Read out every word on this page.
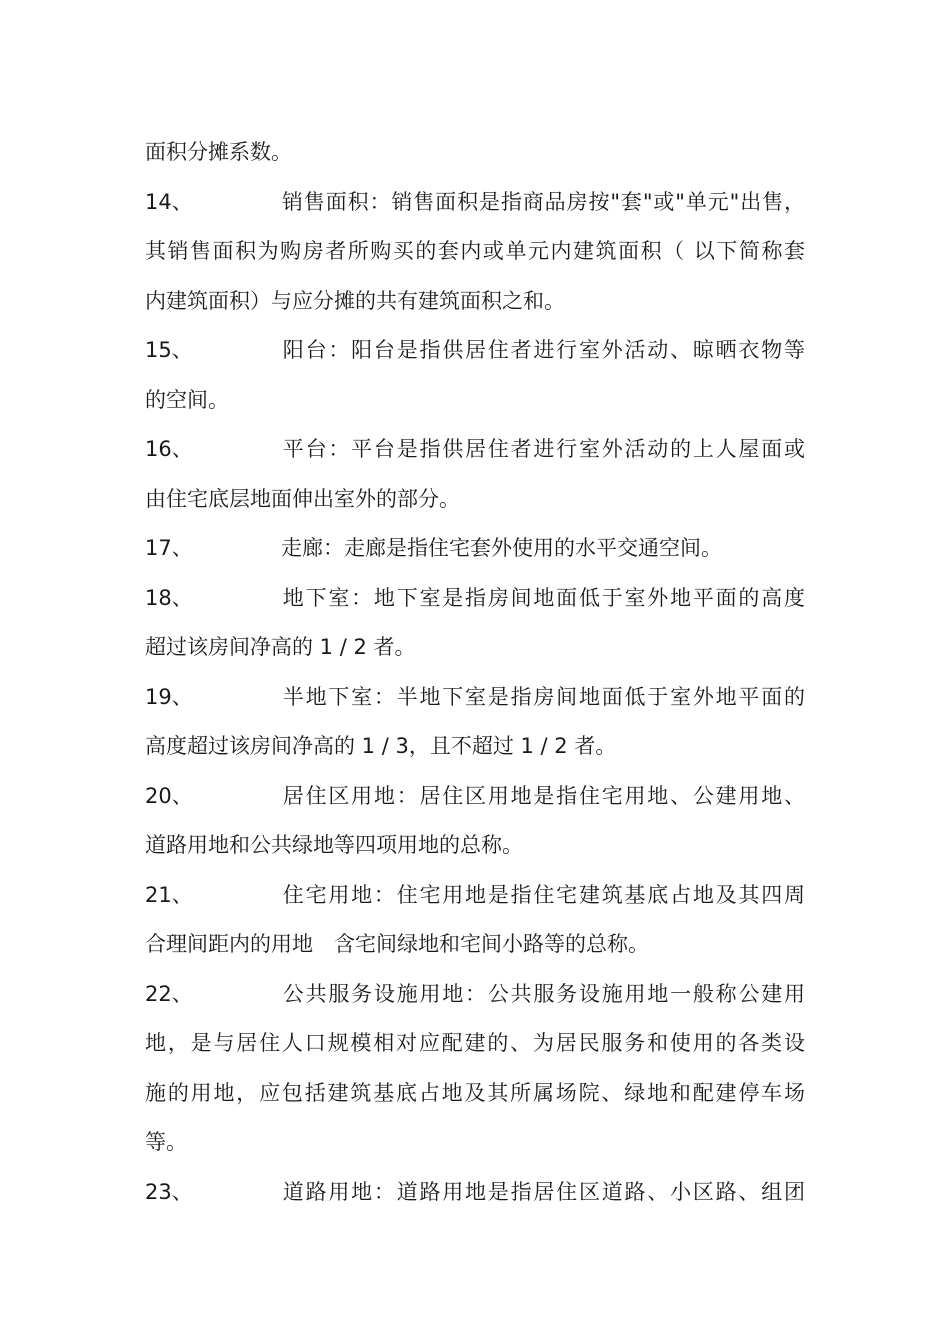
面积分摊系数。

14、	销售面积：销售面积是指商品房按"套"或"单元"出售，

其销售面积为购房者所购买的套内或单元内建筑面积（ 以下简称套

内建筑面积）与应分摊的共有建筑面积之和。

15、	阳台：阳台是指供居住者进行室外活动、晾晒衣物等

的空间。

16、	平台：平台是指供居住者进行室外活动的上人屋面或

由住宅底层地面伸出室外的部分。

17、	走廊：走廊是指住宅套外使用的水平交通空间。

18、	地下室：地下室是指房间地面低于室外地平面的高度

超过该房间净高的 1 / 2 者。

19、	半地下室：半地下室是指房间地面低于室外地平面的

高度超过该房间净高的 1 / 3，且不超过 1 / 2 者。

20、	居住区用地：居住区用地是指住宅用地、公建用地、

道路用地和公共绿地等四项用地的总称。

21、	住宅用地：住宅用地是指住宅建筑基底占地及其四周

合理间距内的用地　含宅间绿地和宅间小路等的总称。

22、	公共服务设施用地：公共服务设施用地一般称公建用

地，是与居住人口规模相对应配建的、为居民服务和使用的各类设

施的用地，应包括建筑基底占地及其所属场院、绿地和配建停车场

等。

23、	道路用地：道路用地是指居住区道路、小区路、组团
